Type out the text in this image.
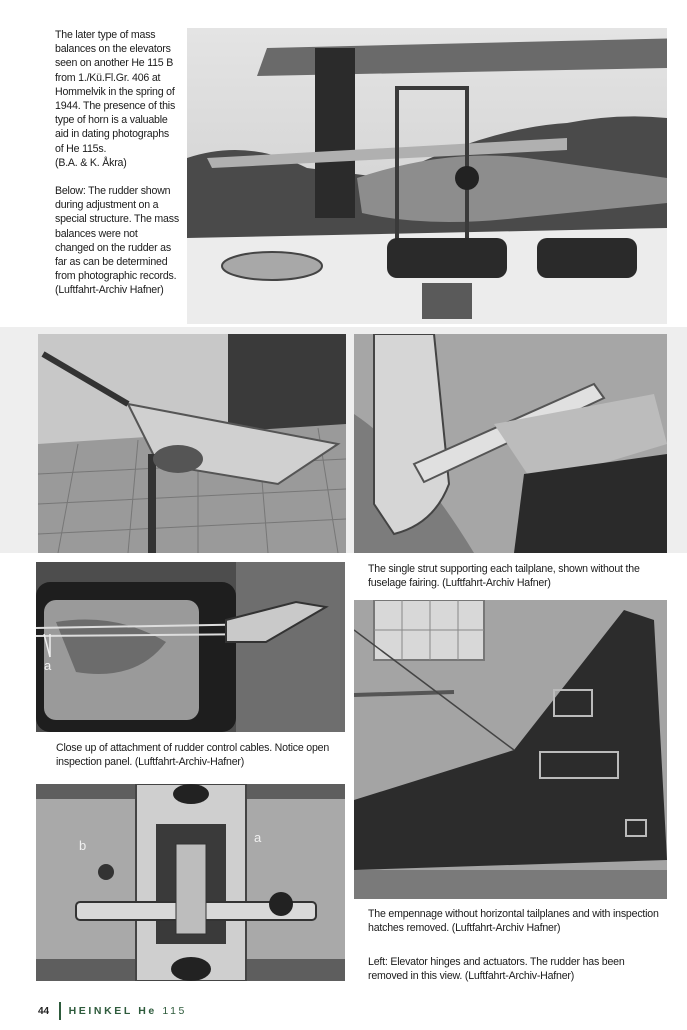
The later type of mass balances on the elevators seen on another He 115 B from 1./Kü.Fl.Gr. 406 at Hommelvik in the spring of 1944. The presence of this type of horn is a valuable aid in dating photographs of He 115s.

(B.A. & K. Åkra)

Below: The rudder shown during adjustment on a special structure. The mass balances were not changed on the rudder as far as can be determined from photographic records. (Luftfahrt-Archiv Hafner)

The single strut supporting each tailplane, shown without the fuselage fairing. (Luftfahrt-Archiv Hafner)

a

Close up of attachment of rudder control cables. Notice open inspection panel. (Luftfahrt-Archiv-Hafner)

The empennage without horizontal tailplanes and with inspection hatches removed. (Luftfahrt-Archiv Hafner)

b
a

Left: Elevator hinges and actuators. The rudder has been removed in this view. (Luftfahrt-Archiv-Hafner)

44 HEINKEL He 115
